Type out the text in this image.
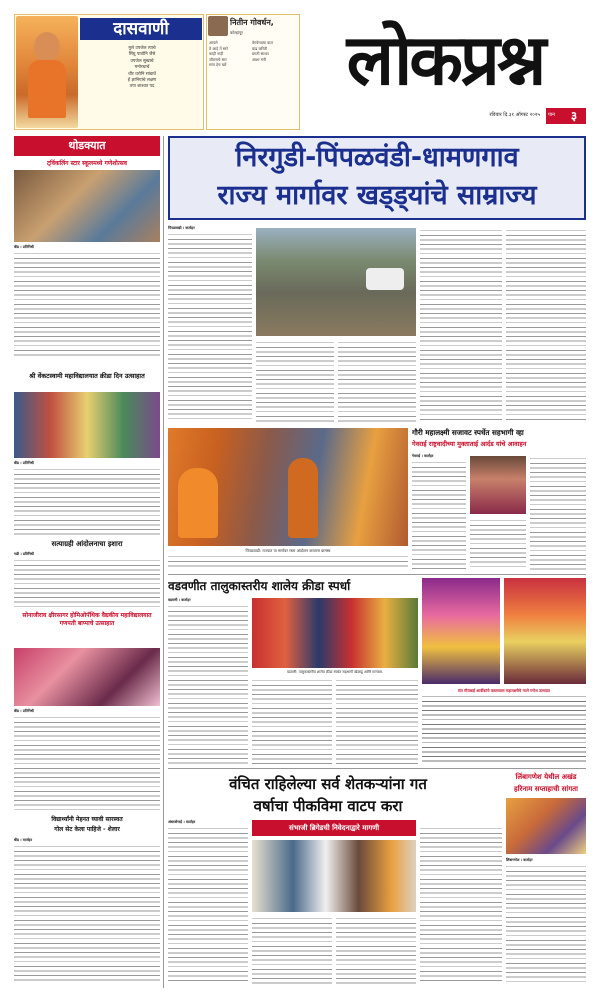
दासवाणी
मुले उपजेल त्याचे
सिंधु पावोनि जैसे
उपजेल सुखाचे
मनोरथाचें
धीर धरोनि सांडावें
हें ज्ञानियांचे लक्षण
तया शाश्वत पद
नितीन गोवर्धन,
कोल्हापूर
आपले
ते आहे तें सारे
काही नाही
जीवनाचे सार
सत्य हेच खरें
वेगवेगळ्या वाटा
वाढ करिती
प्रगती साधत
आशा मनी	लोकप्रश्न
रविवार दि.३१ ऑगस्ट २०२५ पान	३
थोडक्यात
ट्विंकलिंग स्टार स्कूलमध्ये गणेशोत्सव
बीड । प्रतिनिधी
श्री वेंकटस्वामी महाविद्यालयात क्रीडा दिन उत्साहात
बीड । प्रतिनिधी
सत्याग्रही आंदोलनाचा इशारा
गढी । प्रतिनिधी
सोनाजीराव क्षीरसागर होमिओपॅथिक वैद्यकीय महाविद्यालयात गणपती बाप्पाचे उत्साहात
बीड । प्रतिनिधी
विद्यार्थ्यांनी मेहनत घ्यावी सारस्वत
गोल सेट केला पाहिजे - शेलार
बीड । वार्ताहर
निरगुडी-पिंपळवंडी-धामणगाव
राज्य मार्गावर खड्ड्यांचे साम्राज्य
पिंपळवाडी । वार्ताहर
पिंपळवाडी: राज्यात या मार्गावर रस्ता आंदोलन करताना ग्रामस्थ
गौरी महालक्ष्मी सजावट स्पर्धेत सहभागी व्हा
गेवराई राष्ट्रवादीच्या मुक्ताताई आर्दड यांचे आवाहन
गेवराई । वार्ताहर
वडवणीत तालुकास्तरीय शालेय क्रीडा स्पर्धा
वडवणी । वार्ताहर
वडवणी: तालुकास्तरीय शालेय क्रीडा स्पर्धेत सहभागी खेळाडू आणि मान्यवर.
संत मीराबाई आर्वीकांचे वास्तव्यास महालक्ष्मीचे नयने गणेश उत्सवात
वंचित राहिलेल्या सर्व शेतकऱ्यांना गत
वर्षाचा पीकविमा वाटप करा
अंबाजोगाई । वार्ताहर
संभाजी ब्रिगेडची निवेदनाद्वारे मागणी
लिंबागणेश येथील अखंड
हरिनाम सप्ताहाची सांगता
लिंबागणेश । वार्ताहर
